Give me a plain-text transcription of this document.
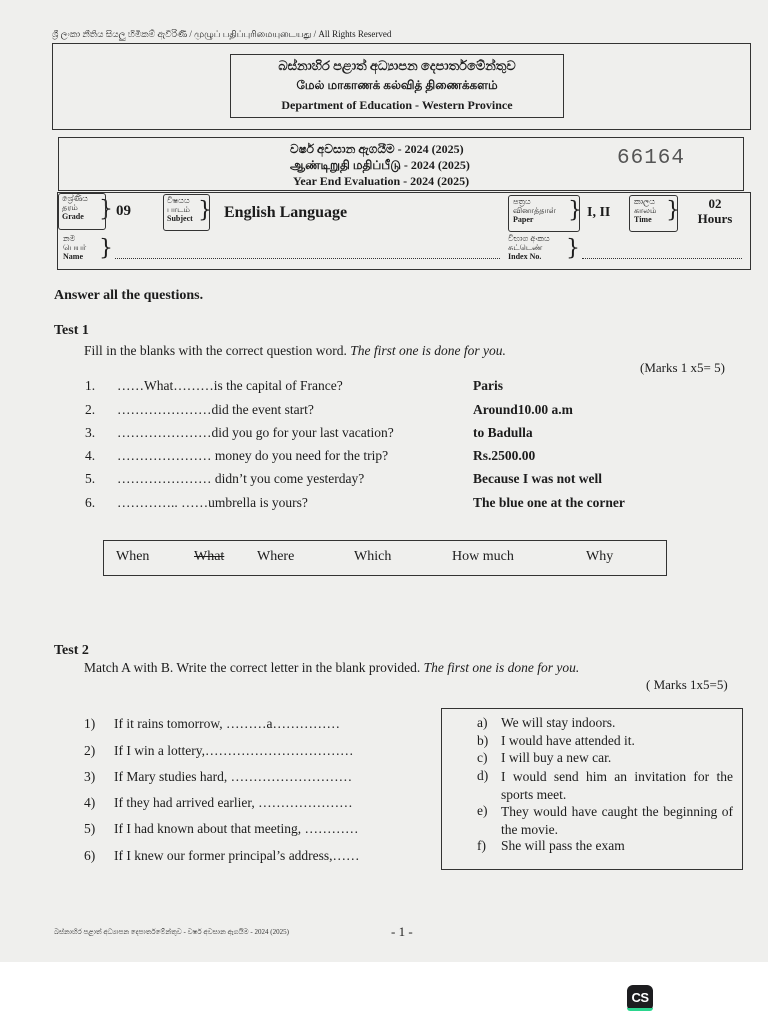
ශ්‍රී ලංකා නීතිය සියලු හිමිකම් ඇවිරිණි / முழுப் பதிப்புரிமையுடையது / All Rights Reserved
බස්නාහිර පළාත් අධ්‍යාපන දෙපාර්තමේන්තුව
மேல் மாகாணக் கல்வித் திணைக்களம்
Department of Education - Western Province
වර්ෂ අවසාන ඇගයීම - 2024 (2025)
ஆண்டிறுதி மதிப்பீடு - 2024 (2025)
Year End Evaluation - 2024 (2025)
66164
ශ්‍රේණිය
தரம்
Grade } 09
විෂයය
பாடம்
Subject } English Language
පත්‍රය
வினாத்தாள்
Paper	} I, II
කාලය
காலம்
Time }	02
Hours
නම
பெயர்
Name }	විභාග අංකය
சுட்டெண்
Index No.	}
Answer all the questions.
Test 1
Fill in the blanks with the correct question word. The first one is done for you.
(Marks 1 x5= 5)
1. ……What………is the capital of France?	Paris
2. …………………did the event start?	Around10.00 a.m
3. …………………did you go for your last vacation?	to Badulla
4. ………………… money do you need for the trip?	Rs.2500.00
5. ………………… didn’t you come yesterday?	Because I was not well
6. ………….. ……umbrella is yours?	The blue one at the corner
When	What Where	Which	How much	Why
Test 2
Match A with B. Write the correct letter in the blank provided. The first one is done for you.
( Marks 1x5=5)
1) If it rains tomorrow, ………a……………
2) If I win a lottery,……………………………
3) If Mary studies hard, ………………………
4) If they had arrived earlier, …………………
5) If I had known about that meeting, …………
6) If I knew our former principal’s address,……
a) We will stay indoors.
b) I would have attended it.
c) I will buy a new car.
d) I would send him an invitation for the sports meet.
e) They would have caught the beginning of the movie.
f) She will pass the exam
බස්නාහිර පළාත් අධ්‍යාපන දෙපාර්තමේන්තුව - වර්ෂ අවසාන ඇගයීම - 2024 (2025)	- 1 -
CS
